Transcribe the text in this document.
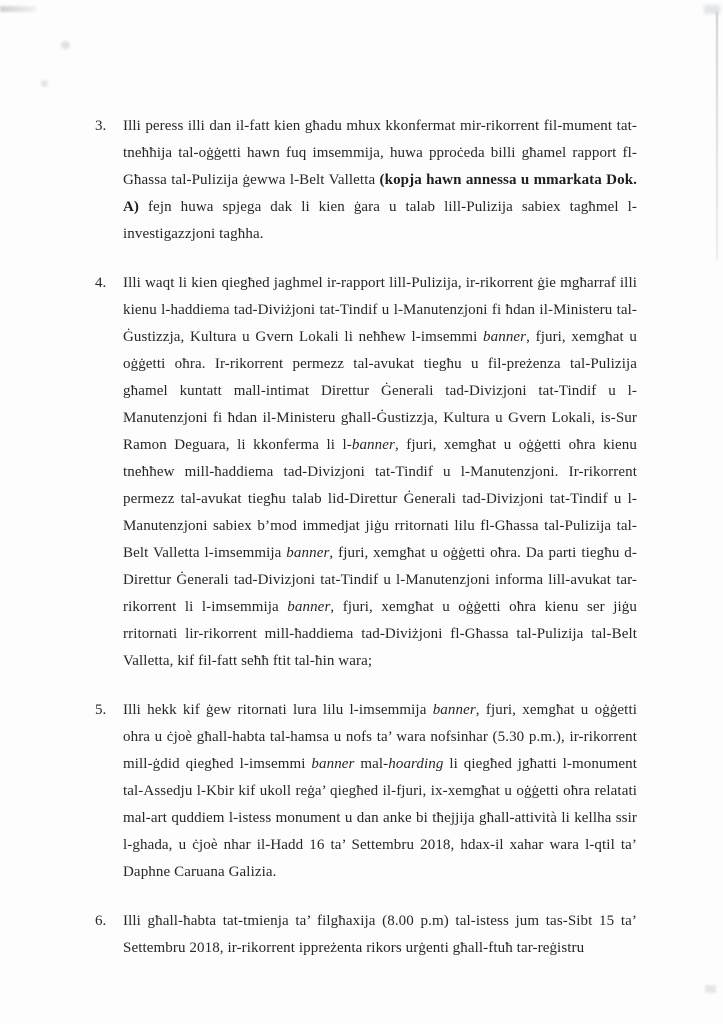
3.	Illi peress illi dan il-fatt kien għadu mhux kkonfermat mir-rikorrent fil-mument tat-tneħħija tal-oġġetti hawn fuq imsemmija, huwa pproċeda billi għamel rapport fl-Għassa tal-Pulizija ġewwa l-Belt Valletta (kopja hawn annessa u mmarkata Dok. A) fejn huwa spjega dak li kien ġara u talab lill-Pulizija sabiex tagħmel l-investigazzjoni tagħha.
4.	Illi waqt li kien qiegħed jaghmel ir-rapport lill-Pulizija, ir-rikorrent ġie mgħarraf illi kienu l-haddiema tad-Diviżjoni tat-Tindif u l-Manutenzjoni fi ħdan il-Ministeru tal-Ġustizzja, Kultura u Gvern Lokali li neħħew l-imsemmi banner, fjuri, xemgħat u oġġetti oħra. Ir-rikorrent permezz tal-avukat tiegħu u fil-preżenza tal-Pulizija għamel kuntatt mall-intimat Direttur Ġenerali tad-Divizjoni tat-Tindif u l-Manutenzjoni fi ħdan il-Ministeru għall-Ġustizzja, Kultura u Gvern Lokali, is-Sur Ramon Deguara, li kkonferma li l-banner, fjuri, xemgħat u oġġetti oħra kienu tneħħew mill-ħaddiema tad-Divizjoni tat-Tindif u l-Manutenzjoni. Ir-rikorrent permezz tal-avukat tiegħu talab lid-Direttur Ġenerali tad-Divizjoni tat-Tindif u l-Manutenzjoni sabiex b’mod immedjat jiġu rritornati lilu fl-Għassa tal-Pulizija tal-Belt Valletta l-imsemmija banner, fjuri, xemgħat u oġġetti oħra. Da parti tiegħu d-Direttur Ġenerali tad-Divizjoni tat-Tindif u l-Manutenzjoni informa lill-avukat tar-rikorrent li l-imsemmija banner, fjuri, xemgħat u oġġetti oħra kienu ser jiġu rritornati lir-rikorrent mill-ħaddiema tad-Diviżjoni fl-Għassa tal-Pulizija tal-Belt Valletta, kif fil-fatt seħħ ftit tal-ħin wara;
5.	Illi hekk kif ġew ritornati lura lilu l-imsemmija banner, fjuri, xemgħat u oġġetti ohra u ċjoè għall-habta tal-hamsa u nofs ta’ wara nofsinhar (5.30 p.m.), ir-rikorrent mill-ġdid qiegħed l-imsemmi banner mal-hoarding li qiegħed jgħatti l-monument tal-Assedju l-Kbir kif ukoll reġa’ qiegħed il-fjuri, ix-xemgħat u oġġetti oħra relatati mal-art quddiem l-istess monument u dan anke bi tħejjija għall-attività li kellha ssir l-ghada, u ċjoè nhar il-Hadd 16 ta’ Settembru 2018, hdax-il xahar wara l-qtil ta’ Daphne Caruana Galizia.
6.	Illi għall-ħabta tat-tmienja ta’ filgħaxija (8.00 p.m) tal-istess jum tas-Sibt 15 ta’ Settembru 2018, ir-rikorrent ippreżenta rikors urġenti għall-ftuħ tar-reġistru
